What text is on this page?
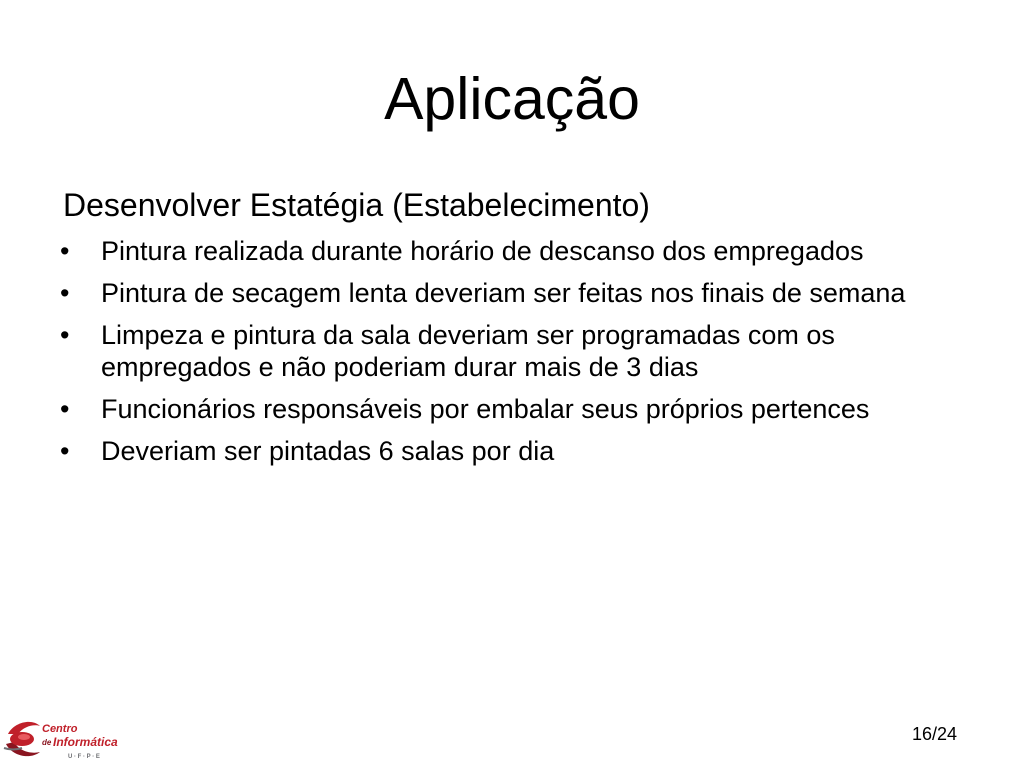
Aplicação

Desenvolver Estatégia (Estabelecimento)

•	Pintura realizada durante horário de descanso dos empregados
•	Pintura de secagem lenta deveriam ser feitas nos finais de semana
•	Limpeza e pintura da sala deveriam ser programadas com os empregados e não poderiam durar mais de 3 dias
•	Funcionários responsáveis por embalar seus próprios pertences
•	Deveriam ser pintadas 6 salas por dia
Centro
de Informática
U · F · P · E
16/24
